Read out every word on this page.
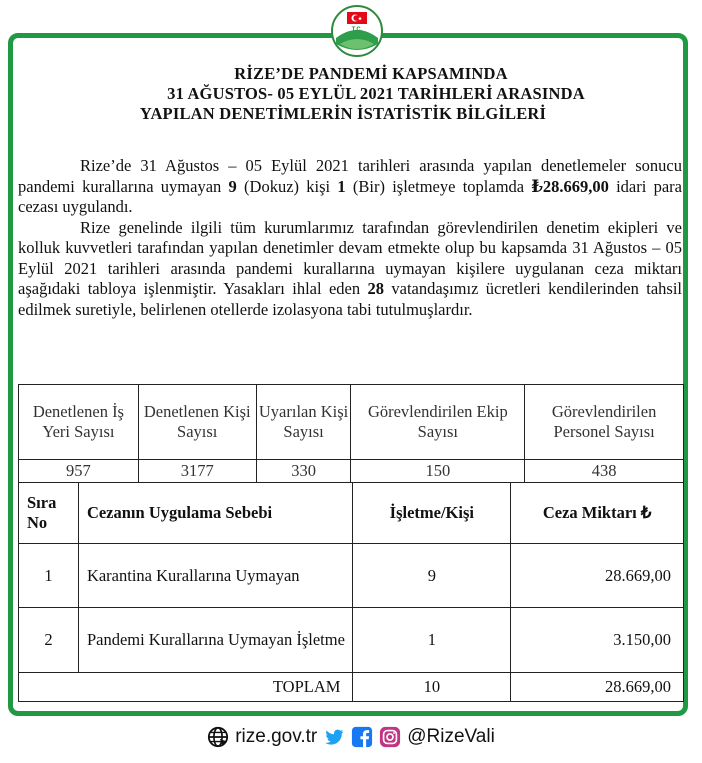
T.C.
RİZE’DE PANDEMİ KAPSAMINDA
31 AĞUSTOS- 05 EYLÜL 2021 TARİHLERİ ARASINDA
YAPILAN DENETİMLERİN İSTATİSTİK BİLGİLERİ

Rize’de 31 Ağustos – 05 Eylül 2021 tarihleri arasında yapılan denetlemeler sonucu pandemi kurallarına uymayan 9 (Dokuz) kişi 1 (Bir) işletmeye toplamda ₺28.669,00 idari para cezası uygulandı.

Rize genelinde ilgili tüm kurumlarımız tarafından görevlendirilen denetim ekipleri ve kolluk kuvvetleri tarafından yapılan denetimler devam etmekte olup bu kapsamda 31 Ağustos – 05 Eylül 2021 tarihleri arasında pandemi kurallarına uymayan kişilere uygulanan ceza miktarı aşağıdaki tabloya işlenmiştir. Yasakları ihlal eden 28 vatandaşımız ücretleri kendilerinden tahsil edilmek suretiyle, belirlenen otellerde izolasyona tabi tutulmuşlardır.

Denetlenen İş Yeri Sayısı	Denetlenen Kişi Sayısı	Uyarılan Kişi Sayısı	Görevlendirilen Ekip Sayısı	Görevlendirilen Personel Sayısı
957	3177	330	150	438
Sıra No	Cezanın Uygulama Sebebi	İşletme/Kişi	Ceza Miktarı ₺
1	Karantina Kurallarına Uymayan	9	28.669,00
2	Pandemi Kurallarına Uymayan İşletme	1	3.150,00
TOPLAM		10	28.669,00
rize.gov.tr	@RizeVali
